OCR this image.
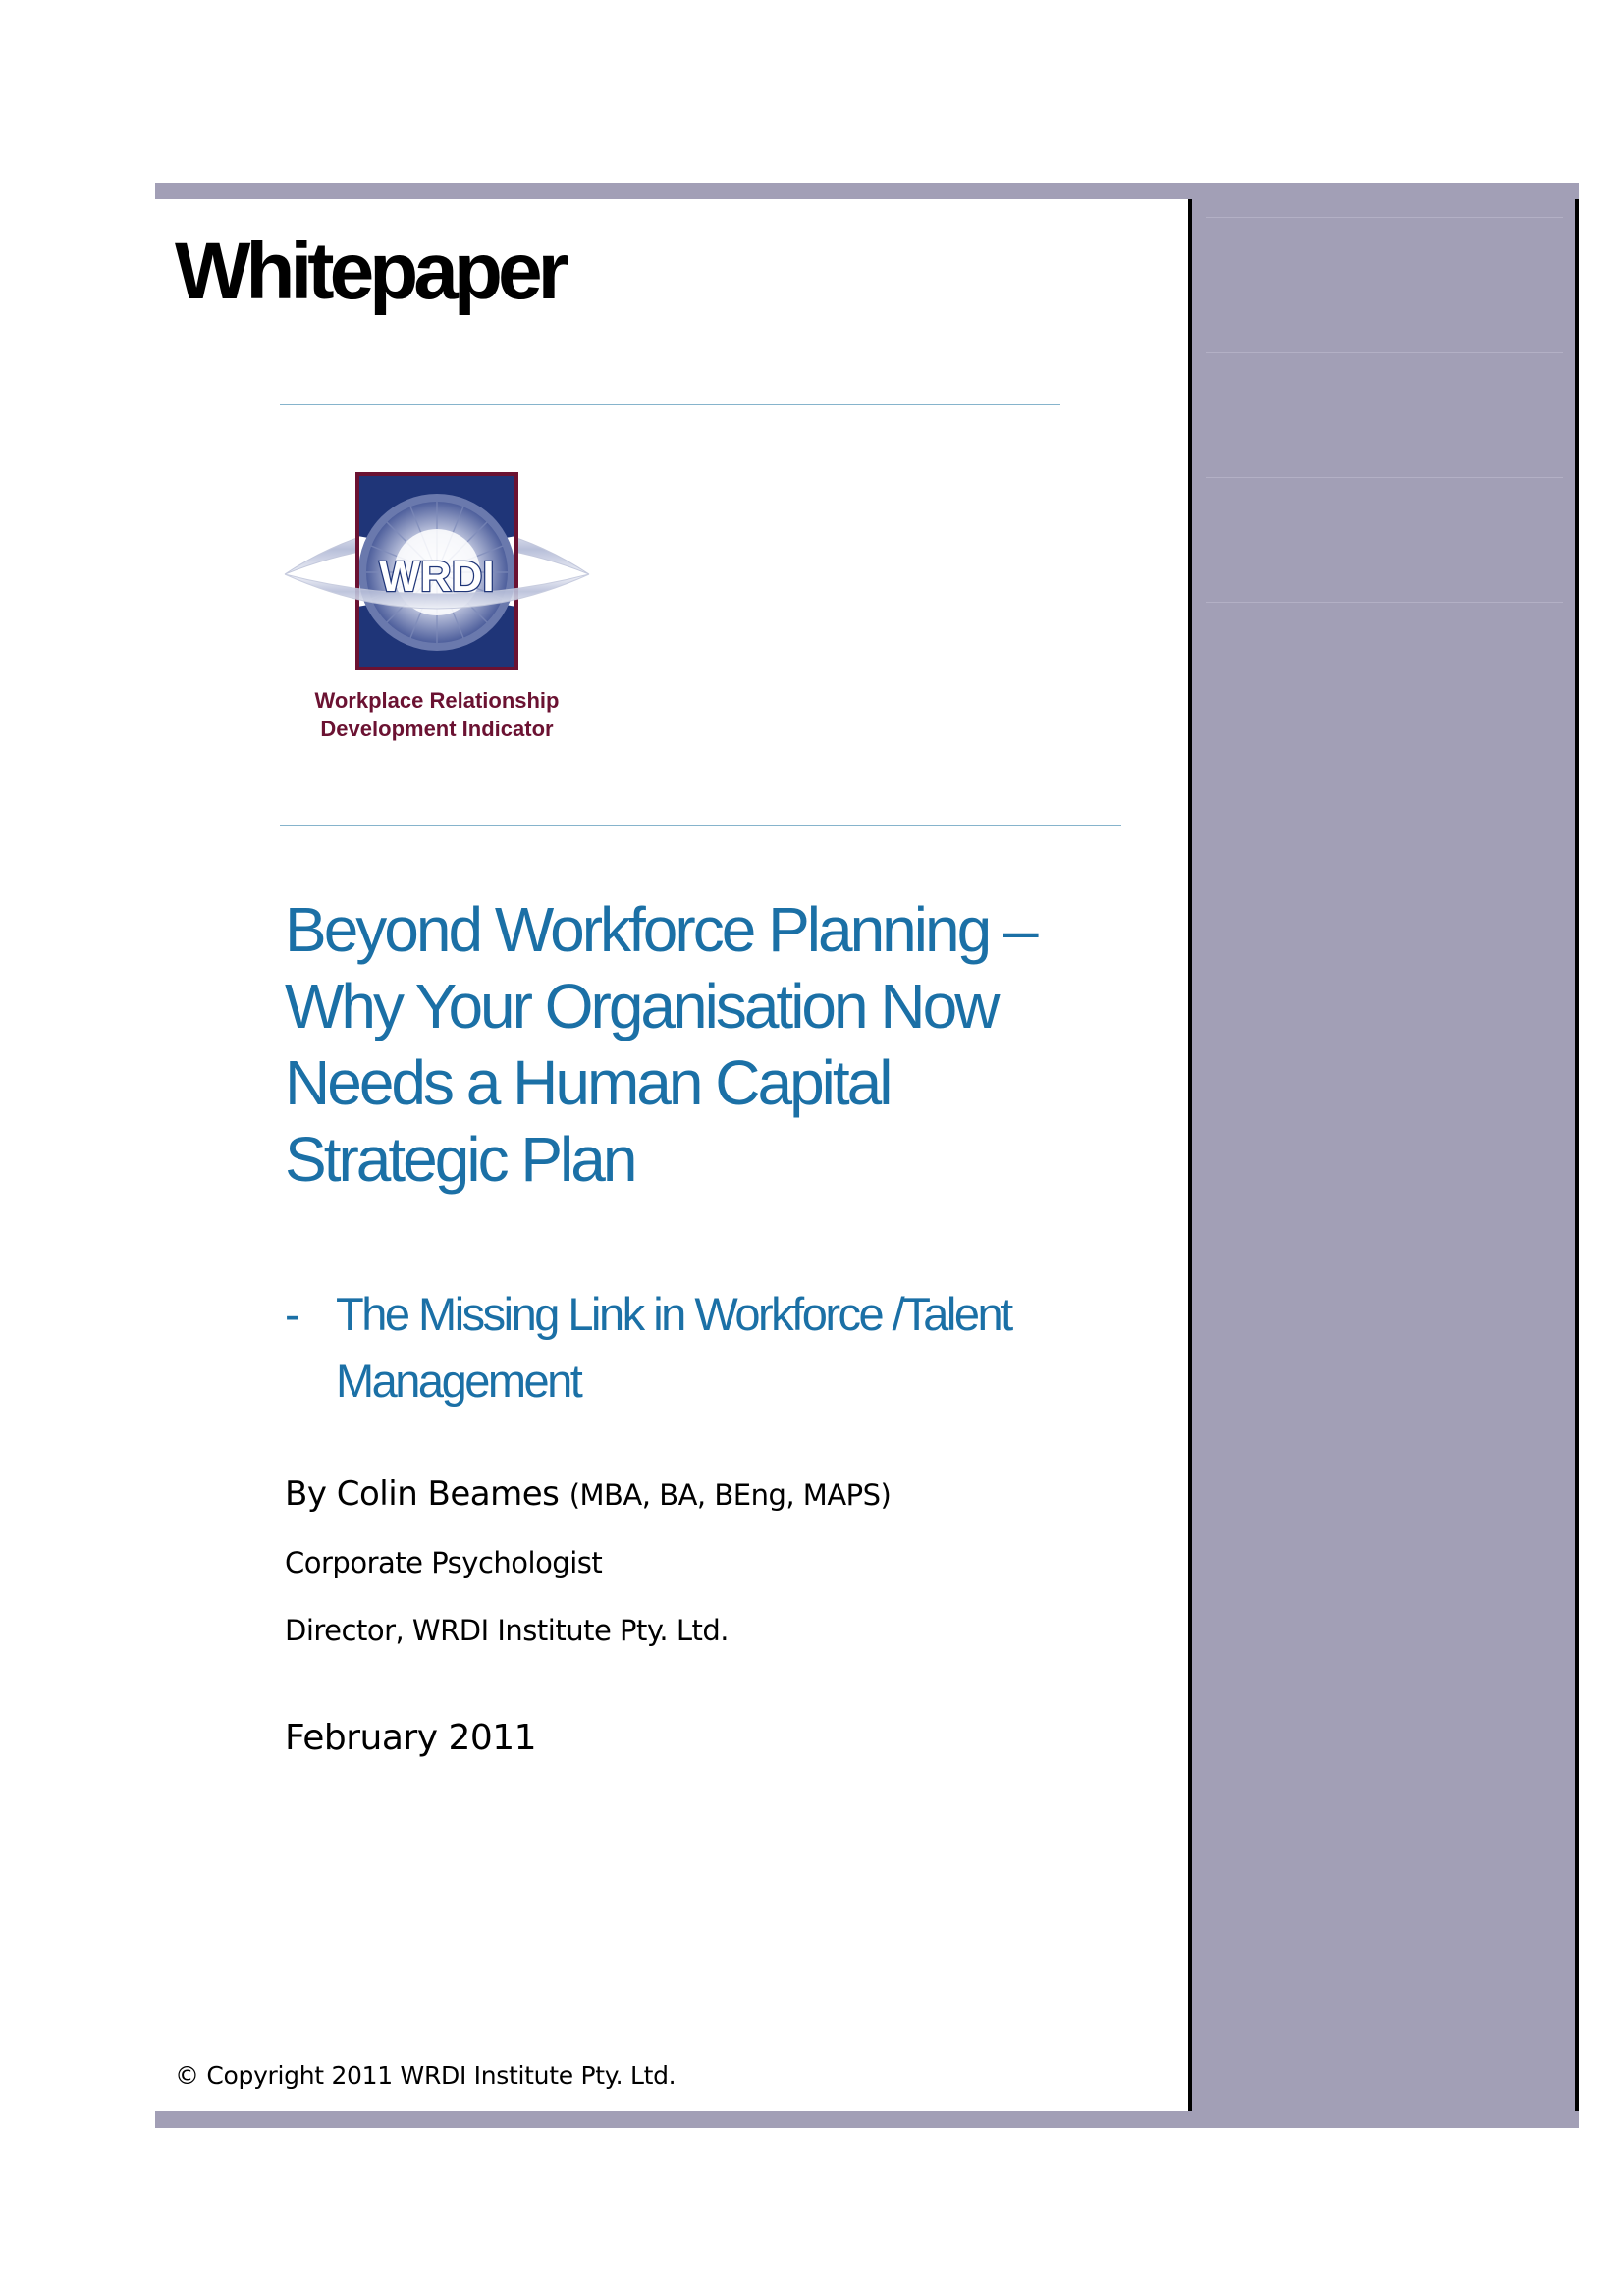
Whitepaper
WRDI
Workplace Relationship
Development Indicator
Beyond Workforce Planning –
Why Your Organisation Now
Needs a Human Capital
Strategic Plan
- The Missing Link in Workforce /Talent Management
By Colin Beames (MBA, BA, BEng, MAPS)
Corporate Psychologist
Director, WRDI Institute Pty. Ltd.
February 2011
© Copyright 2011 WRDI Institute Pty. Ltd.
